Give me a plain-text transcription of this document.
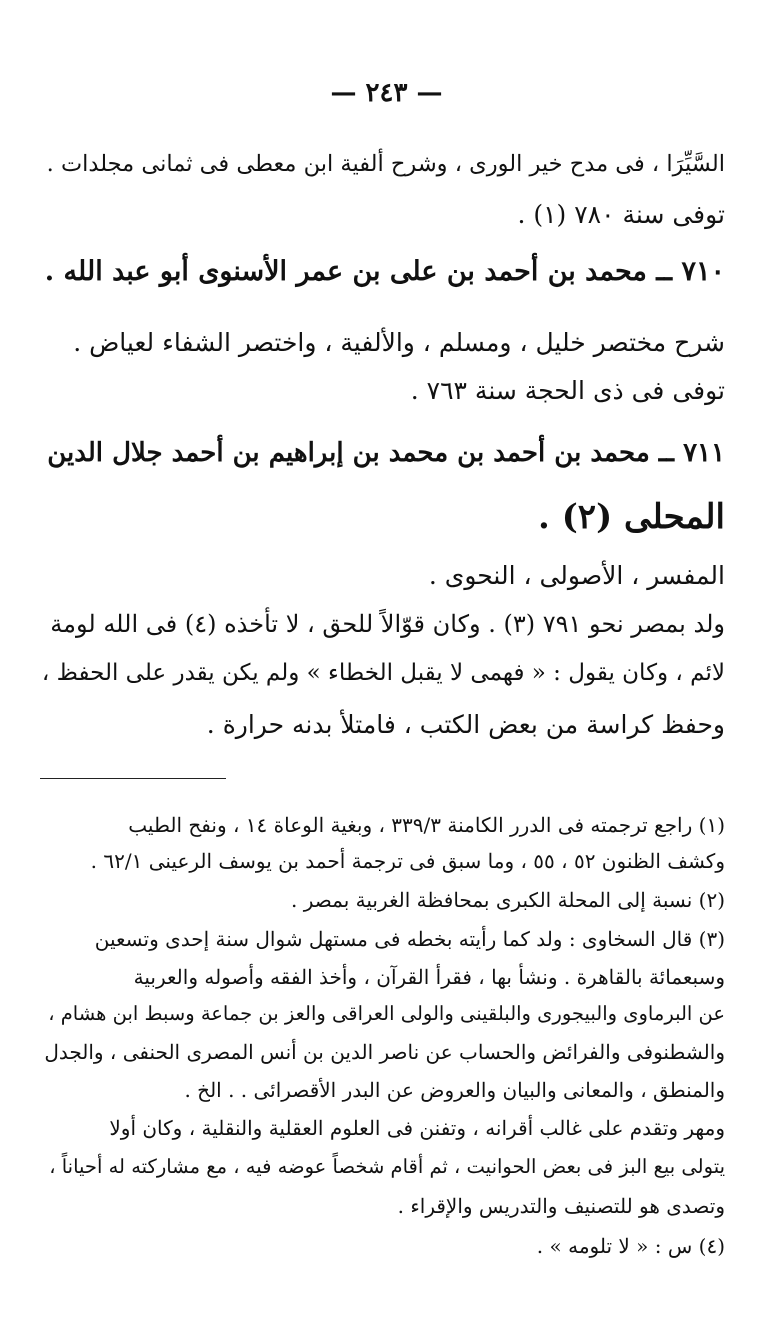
— ٢٤٣ —
السَّيِّرَا ، فى مدح خير الورى ، وشرح ألفية ابن معطى فى ثمانى مجلدات .
توفى سنة ٧٨٠ (١) .
٧١٠ ــ محمد بن أحمد بن على بن عمر الأسنوى أبو عبد الله .
شرح مختصر خليل ، ومسلم ، والألفية ، واختصر الشفاء لعياض .
توفى فى ذى الحجة سنة ٧٦٣ .
٧١١ ــ محمد بن أحمد بن محمد بن إبراهيم بن أحمد جلال الدين
المحلى (٢) .
المفسر ، الأصولى ، النحوى .
ولد بمصر نحو ٧٩١ (٣) . وكان قوّالاً للحق ، لا تأخذه (٤) فى الله لومة
لائم ، وكان يقول : « فهمى لا يقبل الخطاء » ولم يكن يقدر على الحفظ ،
وحفظ كراسة من بعض الكتب ، فامتلأ بدنه حرارة .
(١) راجع ترجمته فى الدرر الكامنة ٣٣٩/٣ ، وبغية الوعاة ١٤ ، ونفح الطيب
وكشف الظنون ٥٢ ، ٥٥ ، وما سبق فى ترجمة أحمد بن يوسف الرعينى ٦٢/١ .
(٢) نسبة إلى المحلة الكبرى بمحافظة الغربية بمصر .
(٣) قال السخاوى : ولد كما رأيته بخطه فى مستهل شوال سنة إحدى وتسعين
وسبعمائة بالقاهرة . ونشأ بها ، فقرأ القرآن ، وأخذ الفقه وأصوله والعربية
عن البرماوى والبيجورى والبلقينى والولى العراقى والعز بن جماعة وسبط ابن هشام ،
والشطنوفى والفرائض والحساب عن ناصر الدين بن أنس المصرى الحنفى ، والجدل
والمنطق ، والمعانى والبيان والعروض عن البدر الأقصرائى . . الخ .
ومهر وتقدم على غالب أقرانه ، وتفنن فى العلوم العقلية والنقلية ، وكان أولا
يتولى بيع البز فى بعض الحوانيت ، ثم أقام شخصاً عوضه فيه ، مع مشاركته له أحياناً ،
وتصدى هو للتصنيف والتدريس والإقراء .
(٤) س : « لا تلومه » .
